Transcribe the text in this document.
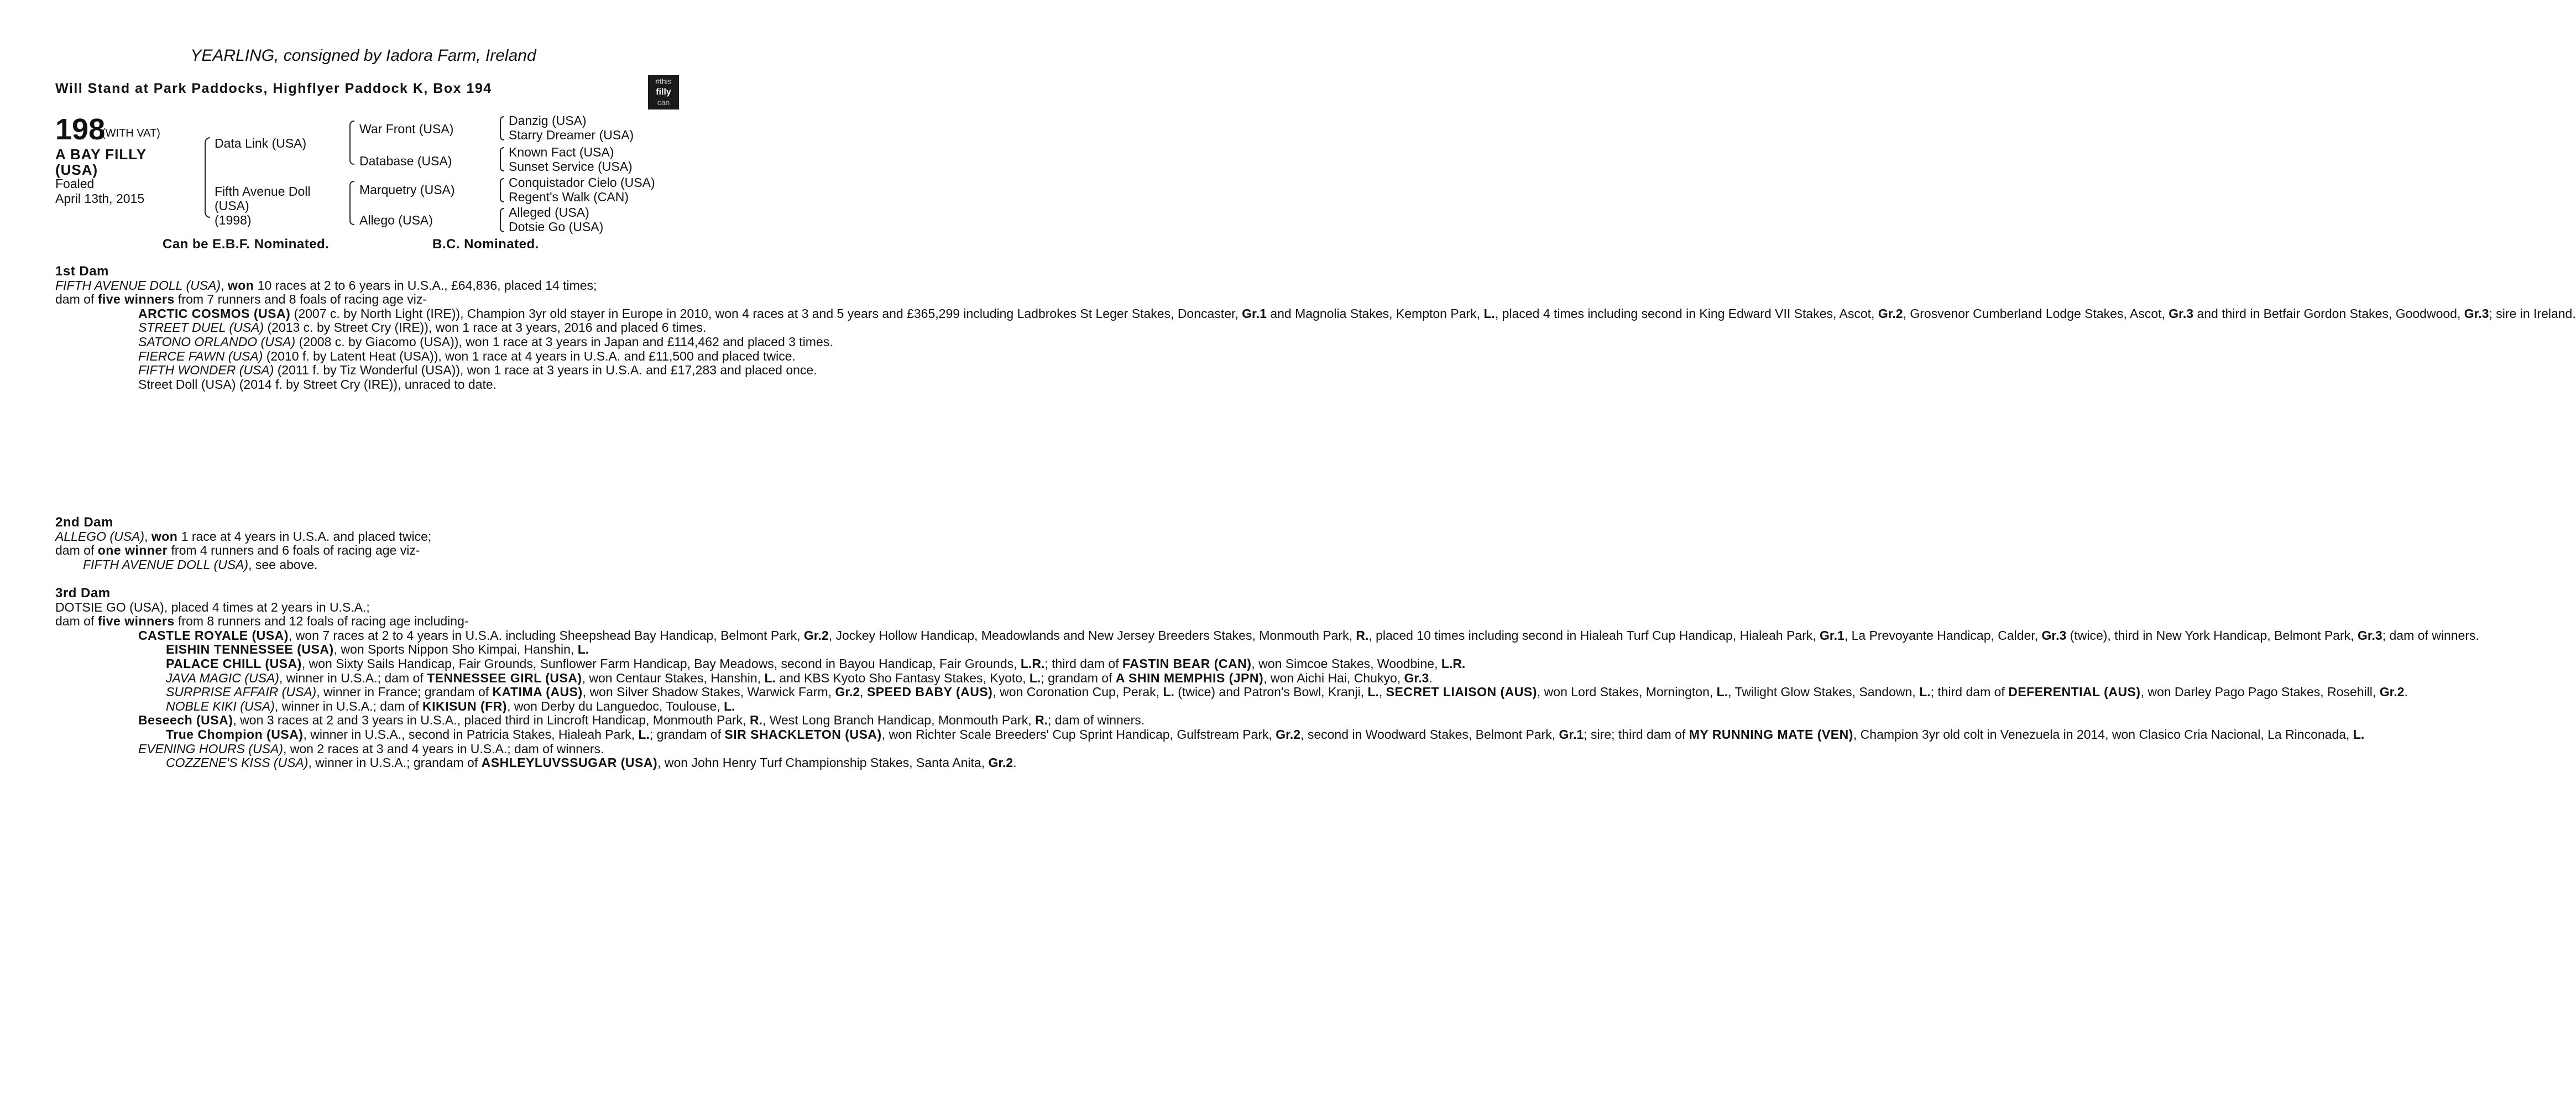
YEARLING, consigned by Iadora Farm, Ireland
Will Stand at Park Paddocks, Highflyer Paddock K, Box 194	#this
filly
can
198
(WITH VAT)
A BAY FILLY
(USA)
Foaled
April 13th, 2015
Data Link (USA)
Fifth Avenue Doll
(USA)
(1998)
War Front (USA)
Database (USA)
Marquetry (USA)
Allego (USA)
Danzig (USA)
Starry Dreamer (USA)
Known Fact (USA)
Sunset Service (USA)
Conquistador Cielo (USA)
Regent's Walk (CAN)
Alleged (USA)
Dotsie Go (USA)
Can be E.B.F. Nominated.	B.C. Nominated.

1st Dam

FIFTH AVENUE DOLL (USA), won 10 races at 2 to 6 years in U.S.A., £64,836, placed 14 times;

dam of five winners from 7 runners and 8 foals of racing age viz-

ARCTIC COSMOS (USA) (2007 c. by North Light (IRE)), Champion 3yr old stayer in Europe in 2010, won 4 races at 3 and 5 years and £365,299 including Ladbrokes St Leger Stakes, Doncaster, Gr.1 and Magnolia Stakes, Kempton Park, L., placed 4 times including second in King Edward VII Stakes, Ascot, Gr.2, Grosvenor Cumberland Lodge Stakes, Ascot, Gr.3 and third in Betfair Gordon Stakes, Goodwood, Gr.3; sire in Ireland.

STREET DUEL (USA) (2013 c. by Street Cry (IRE)), won 1 race at 3 years, 2016 and placed 6 times.

SATONO ORLANDO (USA) (2008 c. by Giacomo (USA)), won 1 race at 3 years in Japan and £114,462 and placed 3 times.

FIERCE FAWN (USA) (2010 f. by Latent Heat (USA)), won 1 race at 4 years in U.S.A. and £11,500 and placed twice.

FIFTH WONDER (USA) (2011 f. by Tiz Wonderful (USA)), won 1 race at 3 years in U.S.A. and £17,283 and placed once.

Street Doll (USA) (2014 f. by Street Cry (IRE)), unraced to date.

2nd Dam

ALLEGO (USA), won 1 race at 4 years in U.S.A. and placed twice;

dam of one winner from 4 runners and 6 foals of racing age viz-

FIFTH AVENUE DOLL (USA), see above.

3rd Dam

DOTSIE GO (USA), placed 4 times at 2 years in U.S.A.;

dam of five winners from 8 runners and 12 foals of racing age including-

CASTLE ROYALE (USA), won 7 races at 2 to 4 years in U.S.A. including Sheepshead Bay Handicap, Belmont Park, Gr.2, Jockey Hollow Handicap, Meadowlands and New Jersey Breeders Stakes, Monmouth Park, R., placed 10 times including second in Hialeah Turf Cup Handicap, Hialeah Park, Gr.1, La Prevoyante Handicap, Calder, Gr.3 (twice), third in New York Handicap, Belmont Park, Gr.3; dam of winners.

EISHIN TENNESSEE (USA), won Sports Nippon Sho Kimpai, Hanshin, L.

PALACE CHILL (USA), won Sixty Sails Handicap, Fair Grounds, Sunflower Farm Handicap, Bay Meadows, second in Bayou Handicap, Fair Grounds, L.R.; third dam of FASTIN BEAR (CAN), won Simcoe Stakes, Woodbine, L.R.

JAVA MAGIC (USA), winner in U.S.A.; dam of TENNESSEE GIRL (USA), won Centaur Stakes, Hanshin, L. and KBS Kyoto Sho Fantasy Stakes, Kyoto, L.; grandam of A SHIN MEMPHIS (JPN), won Aichi Hai, Chukyo, Gr.3.

SURPRISE AFFAIR (USA), winner in France; grandam of KATIMA (AUS), won Silver Shadow Stakes, Warwick Farm, Gr.2, SPEED BABY (AUS), won Coronation Cup, Perak, L. (twice) and Patron's Bowl, Kranji, L., SECRET LIAISON (AUS), won Lord Stakes, Mornington, L., Twilight Glow Stakes, Sandown, L.; third dam of DEFERENTIAL (AUS), won Darley Pago Pago Stakes, Rosehill, Gr.2.

NOBLE KIKI (USA), winner in U.S.A.; dam of KIKISUN (FR), won Derby du Languedoc, Toulouse, L.

Beseech (USA), won 3 races at 2 and 3 years in U.S.A., placed third in Lincroft Handicap, Monmouth Park, R., West Long Branch Handicap, Monmouth Park, R.; dam of winners.

True Chompion (USA), winner in U.S.A., second in Patricia Stakes, Hialeah Park, L.; grandam of SIR SHACKLETON (USA), won Richter Scale Breeders' Cup Sprint Handicap, Gulfstream Park, Gr.2, second in Woodward Stakes, Belmont Park, Gr.1; sire; third dam of MY RUNNING MATE (VEN), Champion 3yr old colt in Venezuela in 2014, won Clasico Cria Nacional, La Rinconada, L.

EVENING HOURS (USA), won 2 races at 3 and 4 years in U.S.A.; dam of winners.

COZZENE'S KISS (USA), winner in U.S.A.; grandam of ASHLEYLUVSSUGAR (USA), won John Henry Turf Championship Stakes, Santa Anita, Gr.2.
